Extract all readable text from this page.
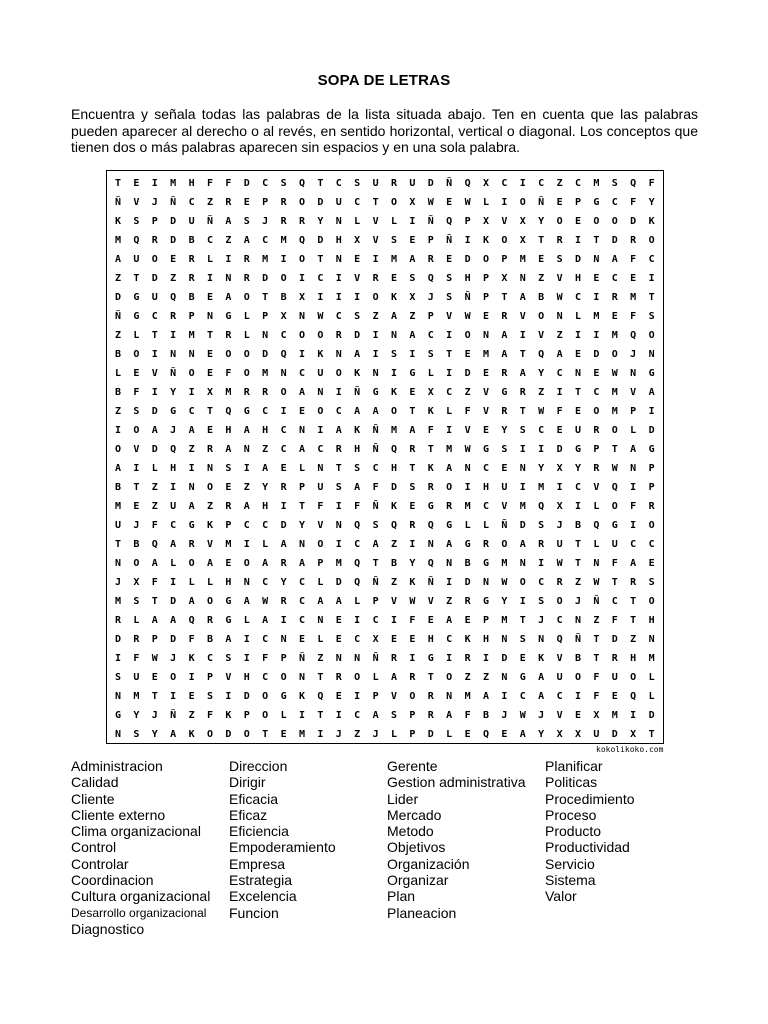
SOPA DE LETRAS
Encuentra y señala todas las palabras de la lista situada abajo. Ten en cuenta que las palabras pueden aparecer al derecho o al revés, en sentido horizontal, vertical o diagonal. Los conceptos que tienen dos o más palabras aparecen sin espacios y en una sola palabra.
T	E	I	M	H	F	F	D	C	S	Q	T	C	S	U	R	U	D	Ñ	Q	X	C	I	C	Z	C	M	S	Q	F
Ñ	V	J	Ñ	C	Z	R	E	P	R	O	D	U	C	T	O	X	W	E	W	L	I	O	Ñ	E	P	G	C	F	Y
K	S	P	D	U	Ñ	A	S	J	R	R	Y	N	L	V	L	I	Ñ	Q	P	X	V	X	Y	O	E	O	O	D	K
M	Q	R	D	B	C	Z	A	C	M	Q	D	H	X	V	S	E	P	Ñ	I	K	O	X	T	R	I	T	D	R	O
A	U	O	E	R	L	I	R	M	I	O	T	N	E	I	M	A	R	E	D	O	P	M	E	S	D	N	A	F	C
Z	T	D	Z	R	I	N	R	D	O	I	C	I	V	R	E	S	Q	S	H	P	X	N	Z	V	H	E	C	E	I
D	G	U	Q	B	E	A	O	T	B	X	I	I	I	O	K	X	J	S	Ñ	P	T	A	B	W	C	I	R	M	T
Ñ	G	C	R	P	N	G	L	P	X	N	W	C	S	Z	A	Z	P	V	W	E	R	V	O	N	L	M	E	F	S
Z	L	T	I	M	T	R	L	N	C	O	O	R	D	I	N	A	C	I	O	N	A	I	V	Z	I	I	M	Q	O
B	O	I	N	N	E	O	O	D	Q	I	K	N	A	I	S	I	S	T	E	M	A	T	Q	A	E	D	O	J	N
L	E	V	Ñ	O	E	F	O	M	N	C	U	O	K	N	I	G	L	I	D	E	R	A	Y	C	N	E	W	N	G
B	F	I	Y	I	X	M	R	R	O	A	N	I	Ñ	G	K	E	X	C	Z	V	G	R	Z	I	T	C	M	V	A
Z	S	D	G	C	T	Q	G	C	I	E	O	C	A	A	O	T	K	L	F	V	R	T	W	F	E	O	M	P	I
I	O	A	J	A	E	H	A	H	C	N	I	A	K	Ñ	M	A	F	I	V	E	Y	S	C	E	U	R	O	L	D
O	V	D	Q	Z	R	A	N	Z	C	A	C	R	H	Ñ	Q	R	T	M	W	G	S	I	I	D	G	P	T	A	G
A	I	L	H	I	N	S	I	A	E	L	N	T	S	C	H	T	K	A	N	C	E	N	Y	X	Y	R	W	N	P
B	T	Z	I	N	O	E	Z	Y	R	P	U	S	A	F	D	S	R	O	I	H	U	I	M	I	C	V	Q	I	P
M	E	Z	U	A	Z	R	A	H	I	T	F	I	F	Ñ	K	E	G	R	M	C	V	M	Q	X	I	L	O	F	R
U	J	F	C	G	K	P	C	C	D	Y	V	N	Q	S	Q	R	Q	G	L	L	Ñ	D	S	J	B	Q	G	I	O
T	B	Q	A	R	V	M	I	L	A	N	O	I	C	A	Z	I	N	A	G	R	O	A	R	U	T	L	U	C	C
N	O	A	L	O	A	E	O	A	R	A	P	M	Q	T	B	Y	Q	N	B	G	M	N	I	W	T	N	F	A	E
J	X	F	I	L	L	H	N	C	Y	C	L	D	Q	Ñ	Z	K	Ñ	I	D	N	W	O	C	R	Z	W	T	R	S
M	S	T	D	A	O	G	A	W	R	C	A	A	L	P	V	W	V	Z	R	G	Y	I	S	O	J	Ñ	C	T	O
R	L	A	A	Q	R	G	L	A	I	C	N	E	I	C	I	F	E	A	E	P	M	T	J	C	N	Z	F	T	H
D	R	P	D	F	B	A	I	C	N	E	L	E	C	X	E	E	H	C	K	H	N	S	N	Q	Ñ	T	D	Z	N
I	F	W	J	K	C	S	I	F	P	Ñ	Z	N	N	Ñ	R	I	G	I	R	I	D	E	K	V	B	T	R	H	M
S	U	E	O	I	P	V	H	C	O	N	T	R	O	L	A	R	T	O	Z	Z	N	G	A	U	O	F	U	O	L
N	M	T	I	E	S	I	D	O	G	K	Q	E	I	P	V	O	R	N	M	A	I	C	A	C	I	F	E	Q	L
G	Y	J	Ñ	Z	F	K	P	O	L	I	T	I	C	A	S	P	R	A	F	B	J	W	J	V	E	X	M	I	D
N	S	Y	A	K	O	D	O	T	E	M	I	J	Z	J	L	P	D	L	E	Q	E	A	Y	X	X	U	D	X	T
kokolikoko.com
Administracion
Calidad
Cliente
Cliente externo
Clima organizacional
Control
Controlar
Coordinacion
Cultura organizacional
Desarrollo organizacional
Diagnostico
Direccion
Dirigir
Eficacia
Eficaz
Eficiencia
Empoderamiento
Empresa
Estrategia
Excelencia
Funcion
Gerente
Gestion administrativa
Lider
Mercado
Metodo
Objetivos
Organización
Organizar
Plan
Planeacion
Planificar
Politicas
Procedimiento
Proceso
Producto
Productividad
Servicio
Sistema
Valor
